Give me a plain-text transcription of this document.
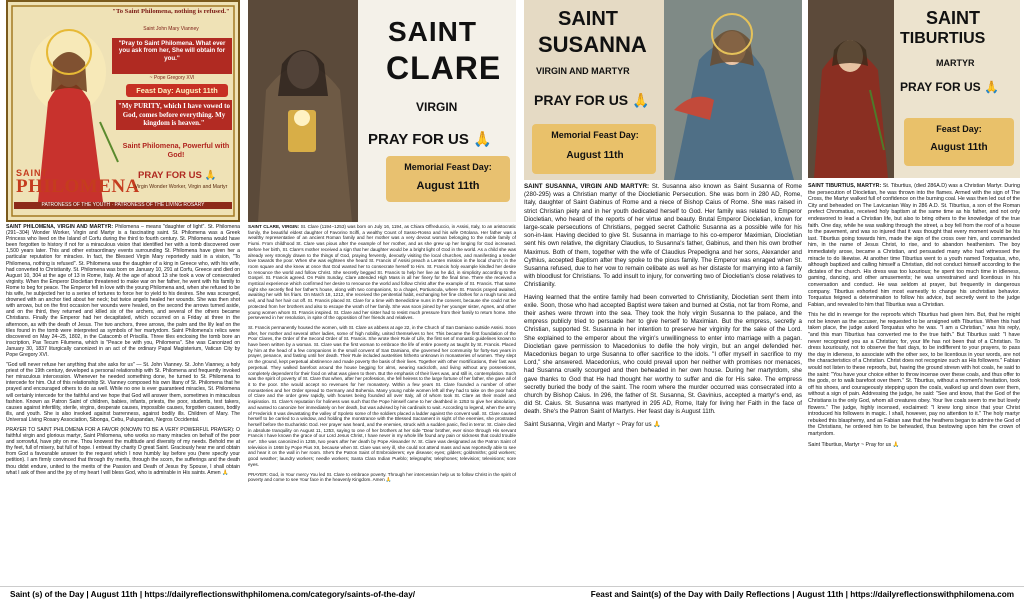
"To Saint Philomena, nothing is refused."
Saint John Mary Vianney
"Pray to Saint Philomena. What ever you ask from her, She will obtain for you."
~ Pope Gregory XVI
Feast Day: August 11th
"My PURITY, which I have vowed to God, comes before everything. My kingdom is heaven."
Saint Philomena, Powerful with God!
SAINT
PHILOMENA
PRAY FOR US 🙏
Virgin Wonder Worker, Virgin and Martyr
PATRONESS OF THE YOUTH · PATRONESS OF THE LIVING ROSARY

SAINT PHILOMENA, VIRGIN AND MARTYR: Philomena – means "daughter of light". St. Philomena (291−304) Wonder Worker, Virgin and Martyr is a fascinating saint. St. Philomena was a Greek Princess who lived on the Island of Corfu during the third to fourth century. St. Philomena would have been forgotten to history if not for a miraculous vision that identified her with a tomb discovered over 1,500 years later. This and other extraordinary events surrounding St. Philomena have given her a particular reputation for miracles. In fact, the Blessed Virgin Mary reportedly said in a vision, "To Philomena, nothing is refused". St. Philomena was the daughter of a king in Greece who, with his wife, had converted to Christianity. St. Philomena was born on January 10, 291 at Corfu, Greece and died on August 10, 304 at the age of 13 in Rome, Italy. At the age of about 13 she took a vow of consecrated virginity. When the Emperor Diocletian threatened to make war on her father, he went with his family to Rome to beg for peace. The Emperor fell in love with the young Philomena and, when she refused to be his wife, he subjected her to a series of tortures to force her to yield to his desires. She was scourged, drowned with an anchor tied about her neck; but twice angels healed her wounds. She was then shot with arrows, but on the first occasion her wounds were healed, on the second the arrows turned aside, and on the third, they returned and killed six of the archers, and several of the others became Christians. Finally the Emperor had her decapitated, which occurred on a Friday at three in the afternoon, as with the death of Jesus. The two anchors, three arrows, the palm and the lily leaf on the tiles found in the tomb were interpreted as symbols of her martyrdom. Saint Philomena's relics were discovered on May 24–25, 1802, in the Catacomb of Priscilla. Three tiles enclosing the tomb bore an inscription, Pax Tecum Filumena, which is "Peace be with you, Philomena". She was Canonized on January 30, 1837 liturgically canonized in an act of the ordinary Papal Magisterium, Vatican City by Pope Gregory XVI.

"God will never refuse her anything that she asks for us" — St. John Vianney. St. John Vianney, a holy priest of the 19th century, developed a personal relationship with St. Philomena and frequently invoked her miraculous intercession. Whenever he needed something done, he turned to St. Philomena to intercede for him. Out of this relationship St. Vianney composed his own litany of St. Philomena that he prayed and encouraged others to do as well. While no one is ever guaranteed miracles, St. Philomena will certainly intercede for the faithful and we hope that God will answer them, sometimes in miraculous fashion. Known as Patron Saint of children, babies, infants, priests, the poor, students, test takers, causes against infertility, sterile, virgins, desperate causes, impossible causes, forgotten causes, bodily ills, and youth. She is also invoked against barrenness, against bodily ills. Children of Mary. The Universal Living Rosary Association, Sibonga, Cebu, Pulupandan, Negros Occidental.

PRAYER TO SAINT PHILOMENA FOR A FAVOR (KNOWN TO BE A VERY POWERFUL PRAYER): O faithful virgin and glorious martyr, Saint Philomena, who works so many miracles on behalf of the poor and sorrowful, have pity on me. Thou knowest the multitude and diversity of my needs. Behold me at thy feet, full of misery, but full of hope. I entreat thy charity O great Saint. Graciously hear me and obtain from God a favourable answer to the request which I now humbly lay before you (here specify your petition). I am firmly convinced that through thy merits, through the scorn, the sufferings and the death thou didst endure, united to the merits of the Passion and Death of Jesus thy Spouse, I shall obtain what I ask of thee and the joy of my heart I will bless God, who is admirable in His saints. Amen 🙏

SAINT
CLARE
VIRGIN
PRAY FOR US 🙏
Memorial Feast Day:
August 11th

SAINT CLARE, VIRGIN: St. Clare (1194−1253) was born on July 16, 1194, as Chiara Offreduccio, in Assisi, Italy, to an aristocratic family, the beautiful eldest daughter of Favorino Sciffi, a wealthy Count of Sasso-Rosso and his wife Ortolana. Her father was a wealthy representative of an ancient Roman family and her mother was a very devout woman belonging to the noble family of Fiumi. From childhood St. Clare was pious after the example of her mother, and as she grew up her longing for God increased. Before her birth, St. Clare's mother received a sign that her daughter would be a bright light of God in the world. As a child she was already very strongly drawn to the things of God, praying fervently, devoutly visiting the local churches, and manifesting a tender love towards the poor. When she was eighteen she heard St. Francis of Assisi preach a Lenten mission in the local church; in the room square and she knew at once that God wanted her to consecrate herself to Him. St. Francis holy example kindled her desire to renounce the world and follow Christ. She secretly begged St. Francis to help her live as he did, in simplicity according to the Gospel. St. Francis agreed. On Palm Sunday, Clare attended High Mass in all her finery for the final time. There she received a mystical experience which confirmed her desire to renounce the world and follow Christ after the example of St. Francis. That same night she secretly fled her father's house, along with two companions, to a chapel, Portiuncula, where St. Francis prayed awaited, awaiting her with his friars. On March 18, 1212, she received the penitential habit, exchanging her fine clothes for a rough tunic and veil, and had her hair cut off. St. Francis placed St. Clare for a time with Benedictine nuns in the convent, because she could not be protected from her brothers and also to escape the wrath of her family. She was soon joined by her younger sister, Agnes, and other young women whom St. Francis inspired. St. Clare and her sister had to resist much pressure from their family to return home. She persevered in her resolution, in spite of the opposition of her friends and relatives.

St. Francis permanently housed the women, with St. Clare as abbess at age 22, in the Church of San Damiano outside Assisi. Soon after, her mother and several other ladies, some of high nobility, united themselves to her. This became the first foundation of the Poor Clares, the Order of the Second Order of St. Francis. She wrote their Rule of Life, the first set of monastic guidelines known to have been written by a woman. St. Clare was the first woman to embrace the life of entire poverty as taught by St. Francis. Placed by him at the head of a few companions in the small convent of San Damiano, she governed her community for forty-two years in prayer, penance, and fasting until her death. Their Rule included austerities hitherto unknown in monasteries of women. They slept on the ground, kept perpetual abstinence and made poverty the basis of their lives. Together with other mortifications, their fast was perpetual. They walked barefoot around the house begging for alms, wearing sackcloth, and living without any possessions, completely dependent for their food on what was given to them. But the emphasis of their lives was, and still is, contemplation. Such was the spirit of poverty of St. Clare that when, after her profession, she fell heiress to the large fortune of her father, she gave all of it to the poor. She would accept no revenues for her monastery. Within a few years St. Clare founded a number of other monasteries and her Order spread to Germany and Bohemia. Many young noble women left all they had to take on the poor habit of Clare and the order grew rapidly, with houses being founded all over Italy, all of whom took St. Clare as their model and inspiration. St. Clare's reputation for holiness was such that the Pope himself came to her deathbed in 1253 to give her absolution, and wanted to canonize her immediately on her death, but was advised by his cardinals to wait. According to legend, when the army of Frederick II was devastating the valley of Spoleto some of the soldiers placed a ladder against the convent wall. St. Clare caused herself to be carried to a window, and holding the monstrance with the Blessed Sacrament in sight of the enemies, she prostrated herself before the Eucharistic God. Her prayer was heard, and the enemies, struck with a sudden panic, fled in terror. St. Claire died in absolute tranquility on August 11, 1253, saying to one of her brothers at her side "Dear brother, ever since through His servant Francis I have known the grace of our Lord Jesus Christ, I have never in my whole life found any pain or sickness that could trouble me". She was canonized in 1255, two years after her death by Pope Alexander IV. St. Clare was designated as the Patron Saint of television in 1958 by Pope Pius XII, because when St. Clare was very ill, she could not attend mass and was reportedly able to see and hear it on the wall in her room. She's the Patron Saint of Embroiderers; eye disease; eyes; gilders; goldsmiths; gold workers; good weather; laundry workers; needle workers; Santa Clara Indian Pueblo; telegraphs; telephones; television; televisions; sore eyes.

PRAYER: God, in Your mercy You led St. Clare to embrace poverty. Through her intercession help us to follow Christ in the spirit of poverty and come to see Your face in the heavenly Kingdom. Amen 🙏

SAINT
SUSANNA
VIRGIN AND MARTYR
PRAY FOR US 🙏
Memorial Feast Day:
August 11th

SAINT SUSANNA, VIRGIN AND MARTYR: St. Susanna also known as Saint Susanna of Rome (280-295) was a Christian martyr of the Diocletianic Persecution. She was born in 280 AD, Rome, Italy, daughter of Saint Gabinus of Rome and a niece of Bishop Caius of Rome. She was raised in strict Christian piety and in her youth dedicated herself to God. Her family was related to Emperor Diocletian, who heard of the reports of her virtue and beauty. Brutal Emperor Diocletian, known for large-scale persecutions of Christians, pegged secret Catholic Susanna as a possible wife for his son-in-law. Having decided to give St. Susanna in marriage to his co-emperor Maximian, Diocletian sent his own relative, the dignitary Claudius, to Susanna's father, Gabinus, and then his own brother Maximus. Both of them, together with the wife of Claudius Prepedigna and her sons, Alexander and Cythius, accepted Baptism after they spoke to the pious family. The Emperor was enraged when St. Susanna refused, due to her vow to remain celibate as well as her distaste for marrying into a family with bloodlust for Christians. To add insult to injury, for converting two of Diocletian's close relatives to Christianity.

Having learned that the entire family had been converted to Christianity, Diocletian sent them into exile. Soon, those who had accepted Baptist were taken and burned at Ostia, not far from Rome, and their ashes were thrown into the sea. They took the holy virgin Susanna to the palace, and the empress publicly tried to persuade her to give herself to Maximian. But the empress, secretly a Christian, supported St. Susanna in her intention to preserve her virginity for the sake of the Lord. She explained to the emperor about the virgin's unwillingness to enter into marriage with a pagan. Diocletian gave permission to Macedonius to defile the holy virgin, but an angel defended her. Macedonius began to urge Susanna to offer sacrifice to the idols. "I offer myself in sacrifice to my Lord," she answered. Macedonius, who could prevail upon her neither with promises nor menaces, had Susanna cruelly scourged and then beheaded in her own house. During her martyrdom, she gave thanks to God that He had thought her worthy to suffer and die for His sake. The empress secretly buried the body of the saint. The room where the murder occurred was consecrated into a church by Bishop Caius. In 296, the father of St. Susanna, St. Gavinius, accepted a martyr's end, as did St. Caius. St. Susanna was martyred in 295 AD, Rome, Italy for living her Faith in the face of death. She's the Patron Saint of Martyrs. Her feast day is August 11th.

Saint Susanna, Virgin and Martyr ~ Pray for us 🙏

SAINT
TIBURTIUS
MARTYR
PRAY FOR US 🙏
Feast Day:
August 11th

SAINT TIBURTIUS, MARTYR: St. Tiburtius, (died 286A.D) was a Christian Martyr. During the persecution of Diocletian, he was thrown into the flames. Armed with the sign of The Cross, the Martyr walked full of confidence on the burning coal. He was then led out of the City and beheaded on The Lavicanian Way in 286 A.D. St. Tiburtius, a son of the Roman prefect Chromatius, received holy baptism at the same time as his father, and not only endeavored to lead a Christian life, but also to bring others to the knowledge of the true faith. One day, while he was walking through the street, a boy fell from the roof of a house to the pavement, and was so injured that it was thought that every moment would be his last. Tiburtius going towards him, made the sign of the cross over him, and commanded him, in the name of Jesus Christ, to rise, and to abandon heathenism. The boy immediately arose, became a Christian, and persuaded many who had witnessed the miracle to do likewise. At another time Tiburtius went to a youth named Torquatus, who, although baptized and calling himself a Christian, did not conduct himself according to the dictates of the church. His dress was too luxurious; he spent too much time in idleness, gaming, dancing, and other amusements; he was unrestrained and licentious in his conversation and conduct. He was seldom at prayer, but frequently in dangerous company. Tiburtius exhorted him most earnestly to change his unchristian behavior. Torquatus feigned a determination to follow his advice, but secretly went to the judge Fabian, and revealed to him that Tiburtius was a Christian.

This he did in revenge for the reproofs which Tiburtius had given him. But, that he might not be known as the accuser, he requested to be arraigned with Tiburtius. When this had taken place, the judge asked Torquatus who he was. "I am a Christian," was his reply, "and this man Tiburtius has converted me to the true faith." But Tiburtius said: "I have never recognized you as a Christian; for, your life has not been that of a Christian. To dress luxuriously, not to observe the fast days, to be indifferent to your prayers, to pass the day in idleness, to associate with the other sex, to be licentious in your words, are not the characteristics of a Christian. Christ does not recognize such as His followers." Fabian would not listen to these reproofs, but, having the ground strewn with hot coals, he said to the saint: "You have your choice either to throw incense over these coals, and thus offer to the gods, or to walk barefoot over them." St. Tiburtius, without a moment's hesitation, took off his shoes, and courageously stepping upon the coals, walked up and down over them, without a sign of pain. Addressing the judge, he said: "See and know, that the God of the Christians is the only God, whom all creatures obey. Your live coals seem to me but lovely flowers." The judge, highly incensed, exclaimed: "I knew long since that your Christ introduced his followers in magic. I shall, however, pay no attention to it." The holy martyr rebuked this blasphemy, and as Fabian saw that the heathens began to admire the God of the Christians, he ordered him to be beheaded, thus bestowing upon him the crown of martyrdom.

Saint Tiburtius, Martyr ~ Pray for us 🙏

Saint (s) of the Day | August 11th | https://dailyreflectionswithphilomena.com/category/saints-of-the-day/	Feast and Saint(s) of the Day with Daily Reflections | August 11th | https://dailyreflectionswithphilomena.com
